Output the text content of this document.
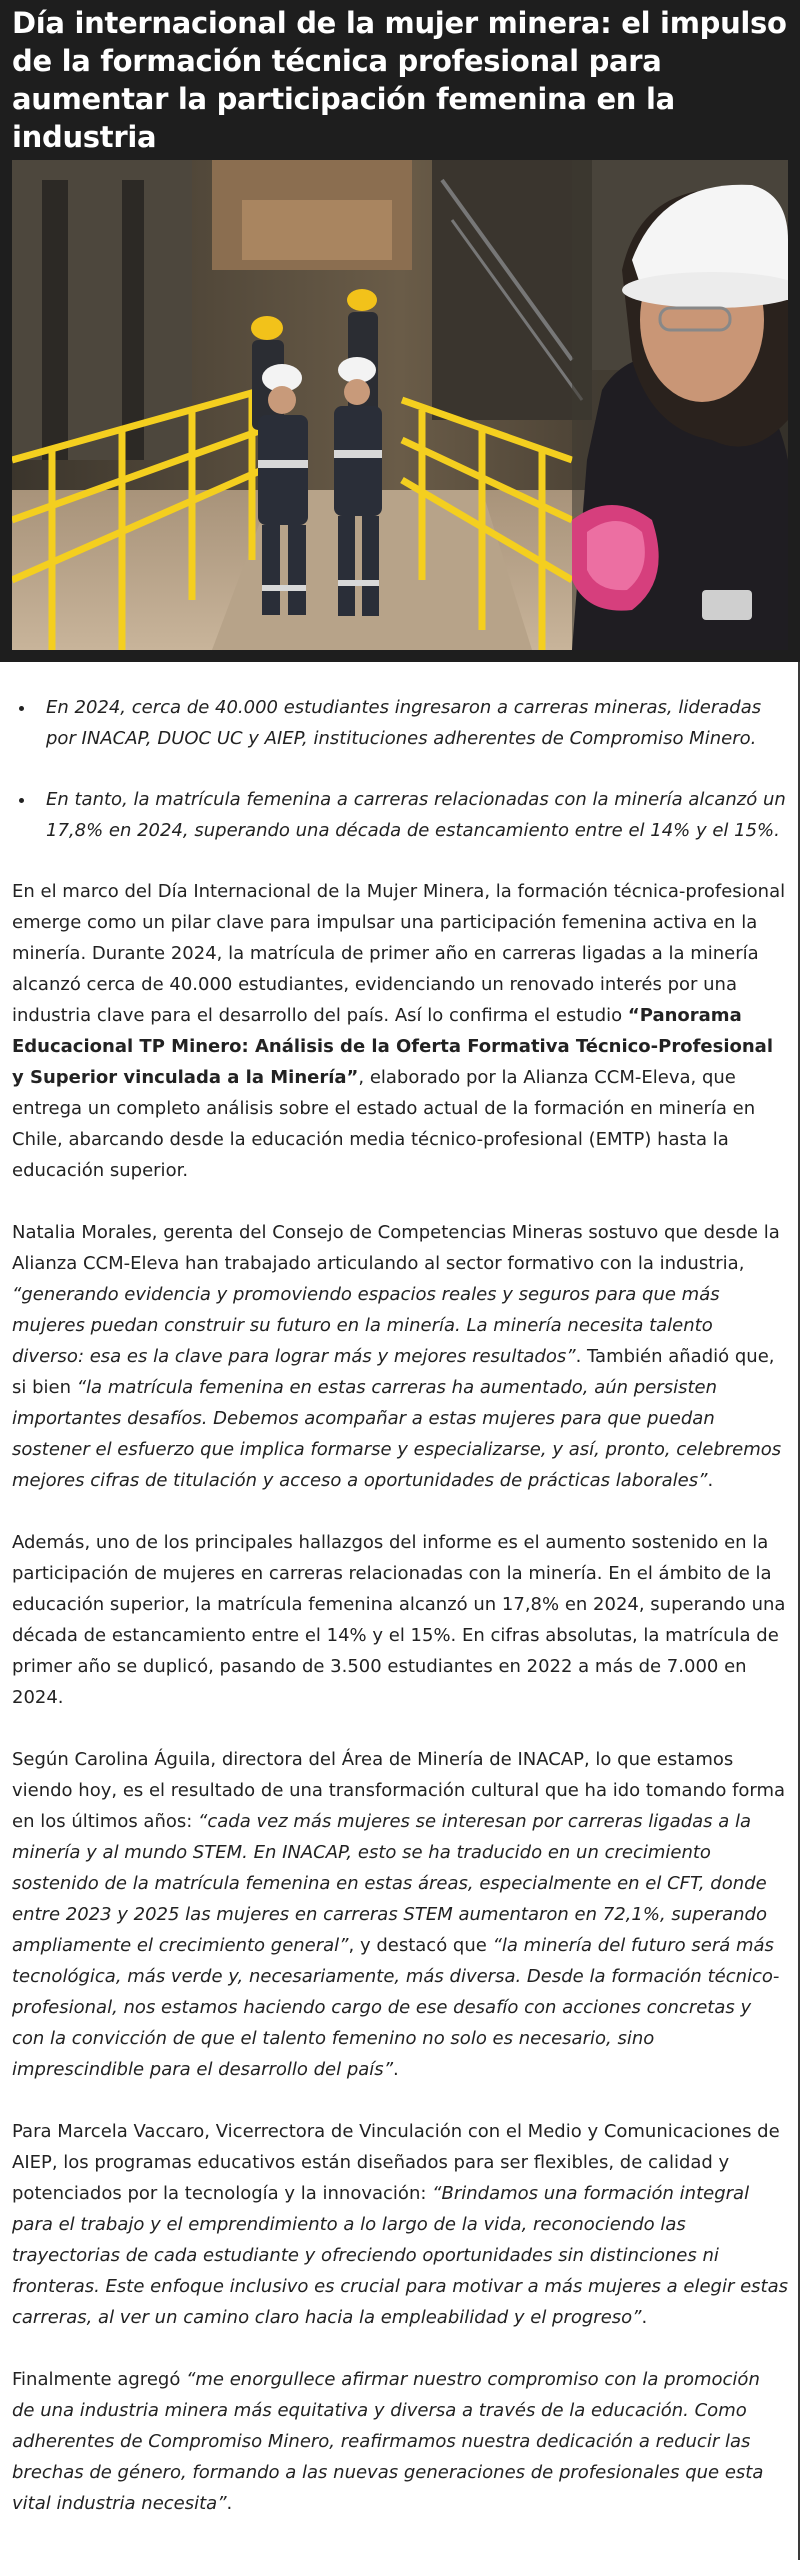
Día internacional de la mujer minera: el impulso de la formación técnica profesional para aumentar la participación femenina en la industria
• En 2024, cerca de 40.000 estudiantes ingresaron a carreras mineras, lideradas por INACAP, DUOC UC y AIEP, instituciones adherentes de Compromiso Minero.
• En tanto, la matrícula femenina a carreras relacionadas con la minería alcanzó un 17,8% en 2024, superando una década de estancamiento entre el 14% y el 15%.

En el marco del Día Internacional de la Mujer Minera, la formación técnica-profesional emerge como un pilar clave para impulsar una participación femenina activa en la minería. Durante 2024, la matrícula de primer año en carreras ligadas a la minería alcanzó cerca de 40.000 estudiantes, evidenciando un renovado interés por una industria clave para el desarrollo del país. Así lo confirma el estudio “Panorama Educacional TP Minero: Análisis de la Oferta Formativa Técnico-Profesional y Superior vinculada a la Minería”, elaborado por la Alianza CCM-Eleva, que entrega un completo análisis sobre el estado actual de la formación en minería en Chile, abarcando desde la educación media técnico-profesional (EMTP) hasta la educación superior.

Natalia Morales, gerenta del Consejo de Competencias Mineras sostuvo que desde la Alianza CCM-Eleva han trabajado articulando al sector formativo con la industria, “generando evidencia y promoviendo espacios reales y seguros para que más mujeres puedan construir su futuro en la minería. La minería necesita talento diverso: esa es la clave para lograr más y mejores resultados”. También añadió que, si bien “la matrícula femenina en estas carreras ha aumentado, aún persisten importantes desafíos. Debemos acompañar a estas mujeres para que puedan sostener el esfuerzo que implica formarse y especializarse, y así, pronto, celebremos mejores cifras de titulación y acceso a oportunidades de prácticas laborales”.

Además, uno de los principales hallazgos del informe es el aumento sostenido en la participación de mujeres en carreras relacionadas con la minería. En el ámbito de la educación superior, la matrícula femenina alcanzó un 17,8% en 2024, superando una década de estancamiento entre el 14% y el 15%. En cifras absolutas, la matrícula de primer año se duplicó, pasando de 3.500 estudiantes en 2022 a más de 7.000 en 2024.

Según Carolina Águila, directora del Área de Minería de INACAP, lo que estamos viendo hoy, es el resultado de una transformación cultural que ha ido tomando forma en los últimos años: “cada vez más mujeres se interesan por carreras ligadas a la minería y al mundo STEM. En INACAP, esto se ha traducido en un crecimiento sostenido de la matrícula femenina en estas áreas, especialmente en el CFT, donde entre 2023 y 2025 las mujeres en carreras STEM aumentaron en 72,1%, superando ampliamente el crecimiento general”, y destacó que “la minería del futuro será más tecnológica, más verde y, necesariamente, más diversa. Desde la formación técnico-profesional, nos estamos haciendo cargo de ese desafío con acciones concretas y con la convicción de que el talento femenino no solo es necesario, sino imprescindible para el desarrollo del país”.

Para Marcela Vaccaro, Vicerrectora de Vinculación con el Medio y Comunicaciones de AIEP, los programas educativos están diseñados para ser flexibles, de calidad y potenciados por la tecnología y la innovación: “Brindamos una formación integral para el trabajo y el emprendimiento a lo largo de la vida, reconociendo las trayectorias de cada estudiante y ofreciendo oportunidades sin distinciones ni fronteras. Este enfoque inclusivo es crucial para motivar a más mujeres a elegir estas carreras, al ver un camino claro hacia la empleabilidad y el progreso”.

Finalmente agregó “me enorgullece afirmar nuestro compromiso con la promoción de una industria minera más equitativa y diversa a través de la educación. Como adherentes de Compromiso Minero, reafirmamos nuestra dedicación a reducir las brechas de género, formando a las nuevas generaciones de profesionales que esta vital industria necesita”.
